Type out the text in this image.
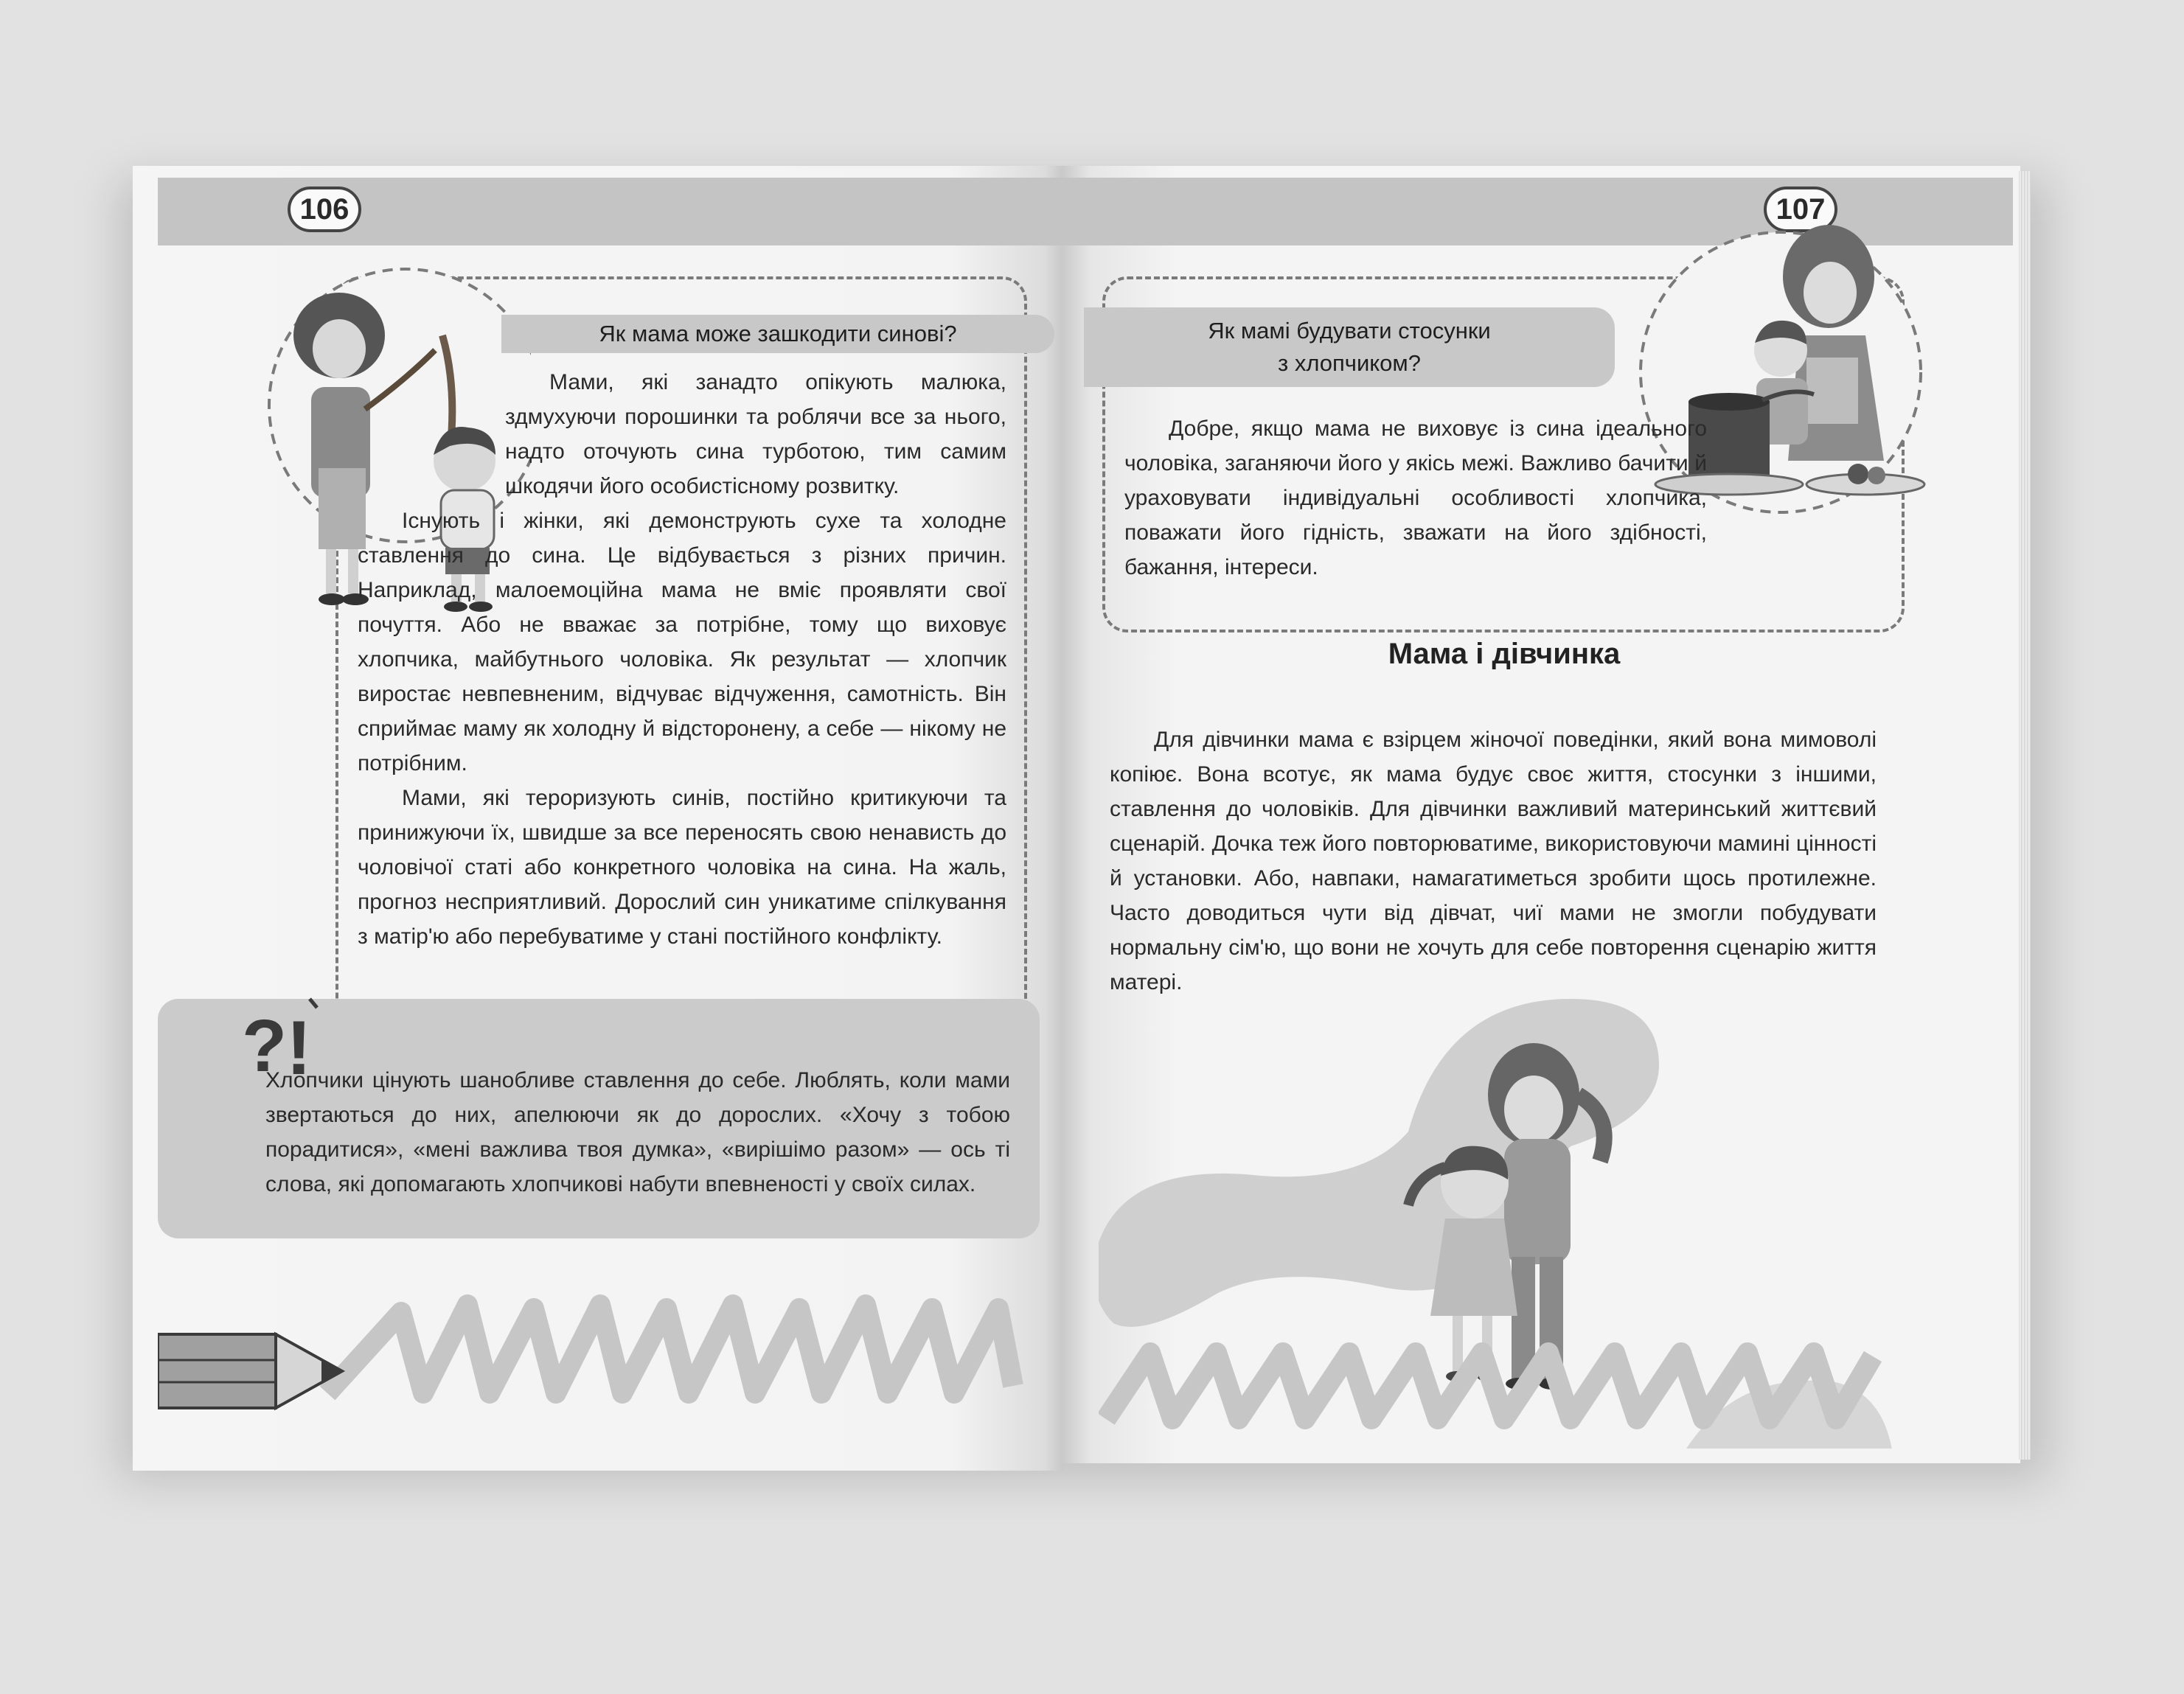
106
Як мама може зашкодити синові?

Мами, які занадто опікують малюка, здмухуючи порошинки та роблячи все за нього, надто оточують сина турботою, тим самим шкодячи його особистісному розвитку.

Існують і жінки, які демонструють сухе та холодне ставлення до сина. Це відбувається з різних причин. Наприклад, малоемоційна мама не вміє проявляти свої почуття. Або не вважає за потрібне, тому що виховує хлопчика, майбутнього чоловіка. Як результат — хлопчик виростає невпевненим, відчуває відчуження, самотність. Він сприймає маму як холодну й відсторонену, а себе — нікому не потрібним.

Мами, які тероризують синів, постійно критикуючи та принижуючи їх, швидше за все переносять свою ненависть до чоловічої статі або конкретного чоловіка на сина. На жаль, прогноз несприятливий. Дорослий син уникатиме спілкування з матір'ю або перебуватиме у стані постійного конфлікту.

?
!
Хлопчики цінують шанобливе ставлення до себе. Люблять, коли мами звертаються до них, апелюючи як до дорослих. «Хочу з тобою порадитися», «мені важлива твоя думка», «вирішімо разом» — ось ті слова, які допомагають хлопчикові набути впевненості у своїх силах.
107
Як мамі будувати стосунки
з хлопчиком?

Добре, якщо мама не виховує із сина ідеального чоловіка, заганяючи його у якісь межі. Важливо бачити й ураховувати індивідуальні особливості хлопчика, поважати його гідність, зважати на його здібності, бажання, інтереси.

Мама і дівчинка

Для дівчинки мама є взірцем жіночої поведінки, який вона мимоволі копіює. Вона всотує, як мама будує своє життя, стосунки з іншими, ставлення до чоловіків. Для дівчинки важливий материнський життєвий сценарій. Дочка теж його повторюватиме, використовуючи мамині цінності й установки. Або, навпаки, намагатиметься зробити щось протилежне. Часто доводиться чути від дівчат, чиї мами не змогли побудувати нормальну сім'ю, що вони не хочуть для себе повторення сценарію життя матері.
